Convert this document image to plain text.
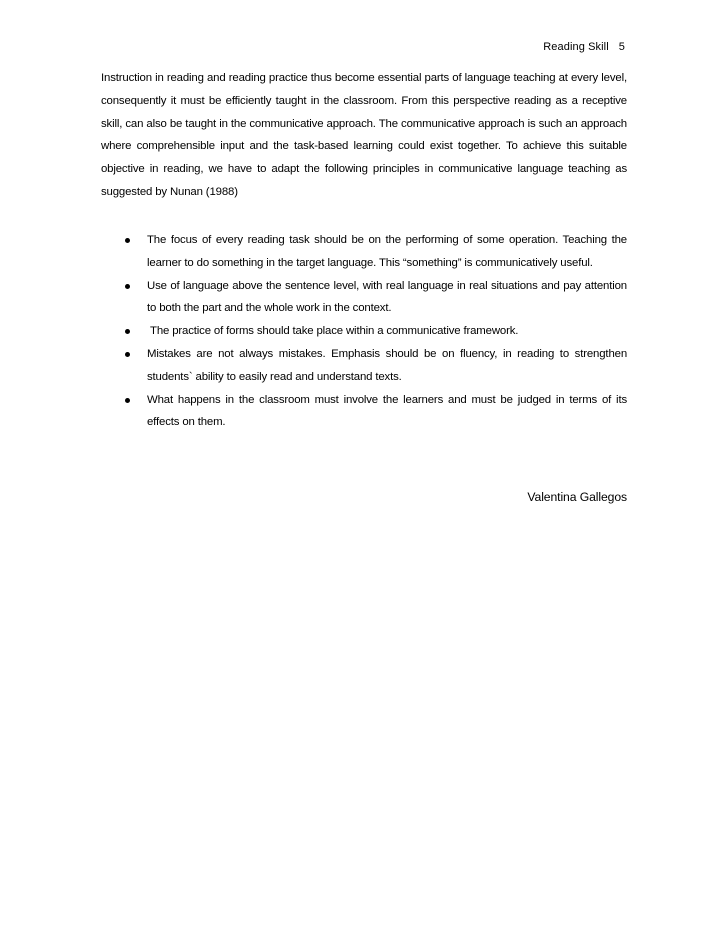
Reading Skill 5
Instruction in reading and reading practice thus become essential parts of language teaching at every level, consequently it must be efficiently taught in the classroom. From this perspective reading as a receptive skill, can also be taught in the communicative approach. The communicative approach is such an approach where comprehensible input and the task-based learning could exist together. To achieve this suitable objective in reading, we have to adapt the following principles in communicative language teaching as suggested by Nunan (1988)
The focus of every reading task should be on the performing of some operation. Teaching the learner to do something in the target language. This “something” is communicatively useful.
Use of language above the sentence level, with real language in real situations and pay attention to both the part and the whole work in the context.
The practice of forms should take place within a communicative framework.
Mistakes are not always mistakes. Emphasis should be on fluency, in reading to strengthen students` ability to easily read and understand texts.
What happens in the classroom must involve the learners and must be judged in terms of its effects on them.
Valentina Gallegos
